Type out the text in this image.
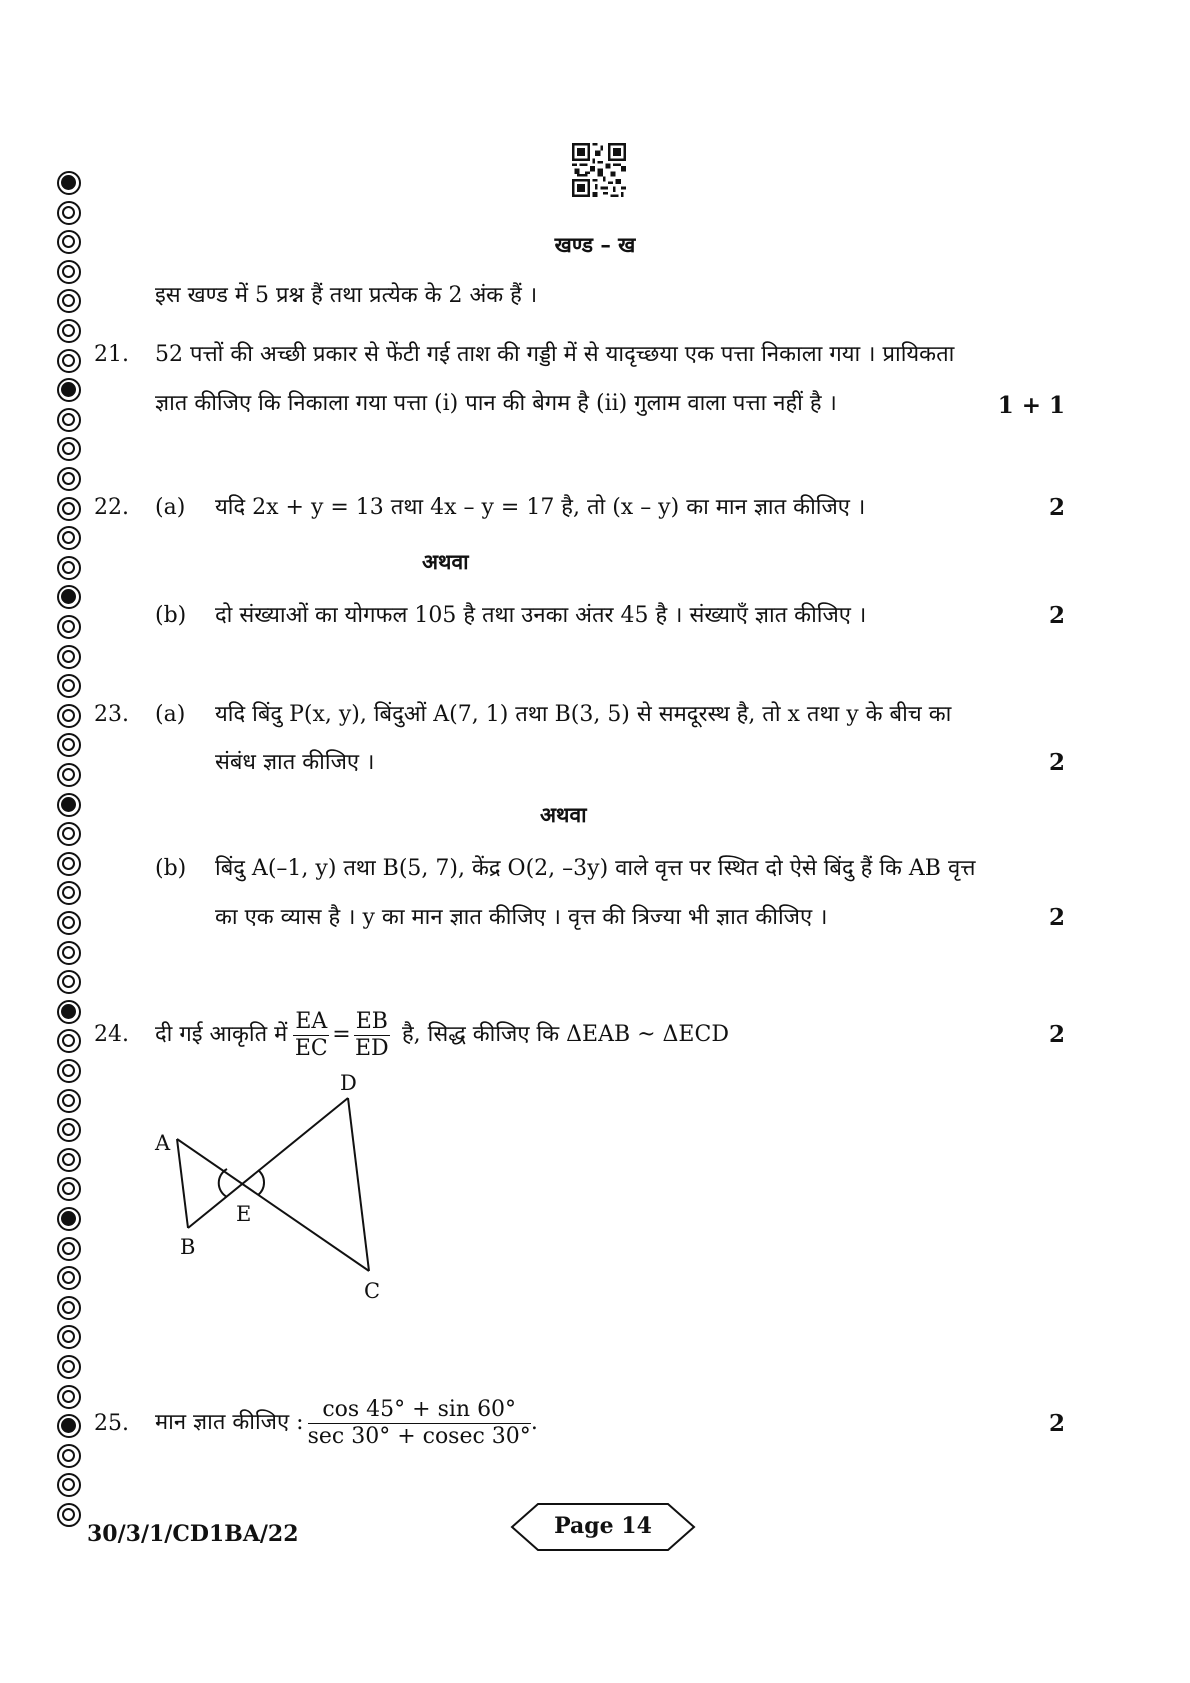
खण्ड – ख
इस खण्ड में 5 प्रश्न हैं तथा प्रत्येक के 2 अंक हैं ।
21. 52 पत्तों की अच्छी प्रकार से फेंटी गई ताश की गड्डी में से यादृच्छया एक पत्ता निकाला गया । प्रायिकता
ज्ञात कीजिए कि निकाला गया पत्ता (i) पान की बेगम है (ii) गुलाम वाला पत्ता नहीं है ।	1 + 1
22. (a) यदि 2x + y = 13 तथा 4x – y = 17 है, तो (x – y) का मान ज्ञात कीजिए ।	2
अथवा
(b) दो संख्याओं का योगफल 105 है तथा उनका अंतर 45 है । संख्याएँ ज्ञात कीजिए ।	2
23. (a) यदि बिंदु P(x, y), बिंदुओं A(7, 1) तथा B(3, 5) से समदूरस्थ है, तो x तथा y के बीच का
संबंध ज्ञात कीजिए ।	2
अथवा
(b) बिंदु A(–1, y) तथा B(5, 7), केंद्र O(2, –3y) वाले वृत्त पर स्थित दो ऐसे बिंदु हैं कि AB वृत्त
का एक व्यास है । y का मान ज्ञात कीजिए । वृत्त की त्रिज्या भी ज्ञात कीजिए ।	2
24. दी गई आकृति में $\frac{EA}{EC} = \frac{EB}{ED}$ है, सिद्ध कीजिए कि ΔEAB ~ ΔECD	2
A
B
E
D
C
25. मान ज्ञात कीजिए : $\frac{\cos 45^\circ + \sin 60^\circ}{\sec 30^\circ + cosec 30^\circ}$ .	2
30/3/1/CD1BA/22	Page 14
